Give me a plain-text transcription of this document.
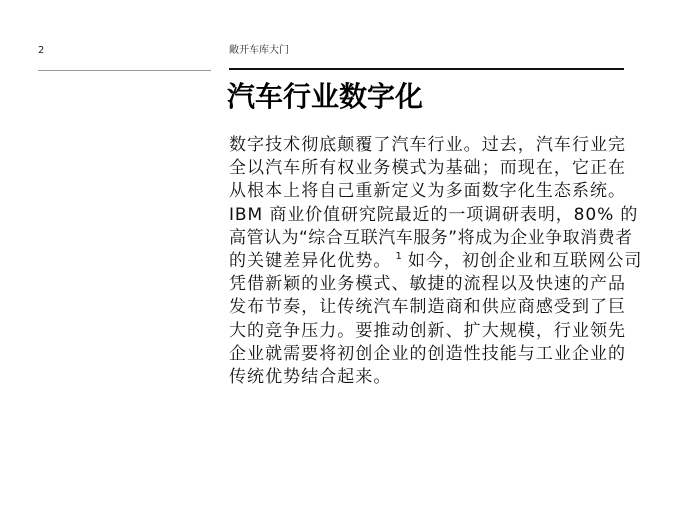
2	敞开车库大门
汽车行业数字化
数字技术彻底颠覆了汽车行业。过去，汽车行业完
全以汽车所有权业务模式为基础；而现在，它正在
从根本上将自己重新定义为多面数字化生态系统。
IBM 商业价值研究院最近的一项调研表明，80% 的
高管认为“综合互联汽车服务”将成为企业争取消费者
的关键差异化优势。 $^1$ 如今，初创企业和互联网公司
凭借新颖的业务模式、敏捷的流程以及快速的产品
发布节奏，让传统汽车制造商和供应商感受到了巨
大的竞争压力。要推动创新、扩大规模，行业领先
企业就需要将初创企业的创造性技能与工业企业的
传统优势结合起来。
